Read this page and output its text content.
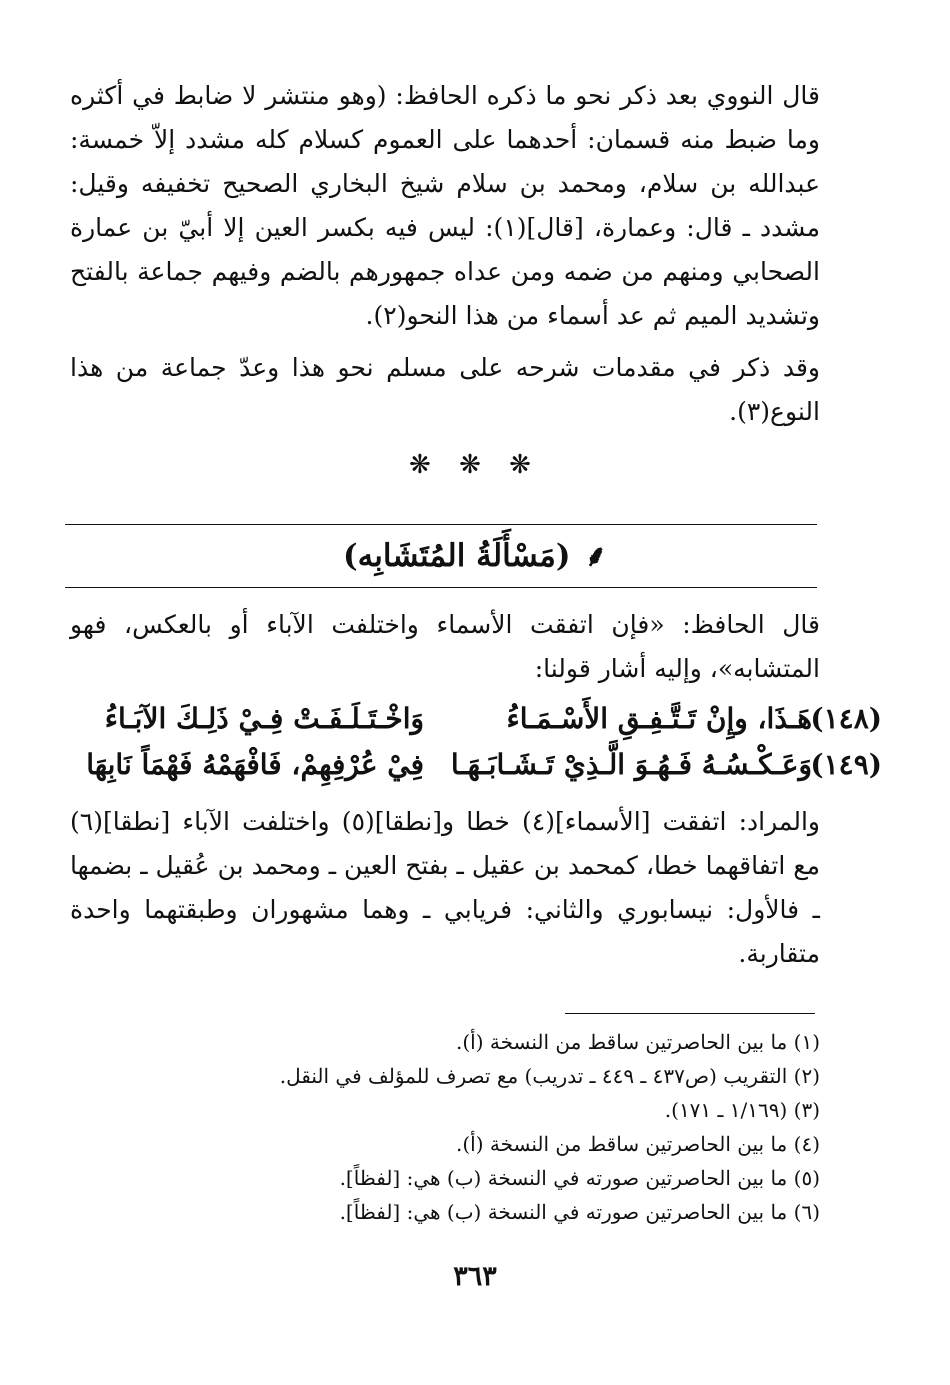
قال النووي بعد ذكر نحو ما ذكره الحافظ: (وهو منتشر لا ضابط في أكثره وما ضبط منه قسمان: أحدهما على العموم كسلام كله مشدد إلاّ خمسة: عبدالله بن سلام، ومحمد بن سلام شيخ البخاري الصحيح تخفيفه وقيل: مشدد ـ قال: وعمارة، [قال](١): ليس فيه بكسر العين إلا أبيّ بن عمارة الصحابي ومنهم من ضمه ومن عداه جمهورهم بالضم وفيهم جماعة بالفتح وتشديد الميم ثم عد أسماء من هذا النحو(٢).

وقد ذكر في مقدمات شرحه على مسلم نحو هذا وعدّ جماعة من هذا النوع(٣).

❋ ❋ ❋
⸙(مَسْأَلَةُ المُتَشَابِه)

قال الحافظ: «فإن اتفقت الأسماء واختلفت الآباء أو بالعكس، فهو المتشابه»، وإليه أشار قولنا:

(١٤٨)
هَـذَا، وإِنْ تَـتَّـفِـقِ الأَسْـمَـاءُ
وَاخْـتَـلَـفَـتْ فِـيْ ذَلِـكَ الآبَـاءُ
(١٤٩)
وَعَـكْـسُـهُ فَـهُـوَ الَّـذِيْ تَـشَـابَـهَـا
فِيْ عُرْفِهِمْ، فَافْهَمْهُ فَهْمَاً نَابِهَا

والمراد: اتفقت [الأسماء](٤) خطا و[نطقا](٥) واختلفت الآباء [نطقا](٦) مع اتفاقهما خطا، كمحمد بن عقيل ـ بفتح العين ـ ومحمد بن عُقيل ـ بضمها ـ فالأول: نيسابوري والثاني: فريابي ـ وهما مشهوران وطبقتهما واحدة متقاربة.

(١) ما بين الحاصرتين ساقط من النسخة (أ).
(٢) التقريب (ص٤٣٧ ـ ٤٤٩ ـ تدريب) مع تصرف للمؤلف في النقل.
(٣) (١/١٦٩ ـ ١٧١).
(٤) ما بين الحاصرتين ساقط من النسخة (أ).
(٥) ما بين الحاصرتين صورته في النسخة (ب) هي: [لفظاً].
(٦) ما بين الحاصرتين صورته في النسخة (ب) هي: [لفظاً].
٣٦٣
